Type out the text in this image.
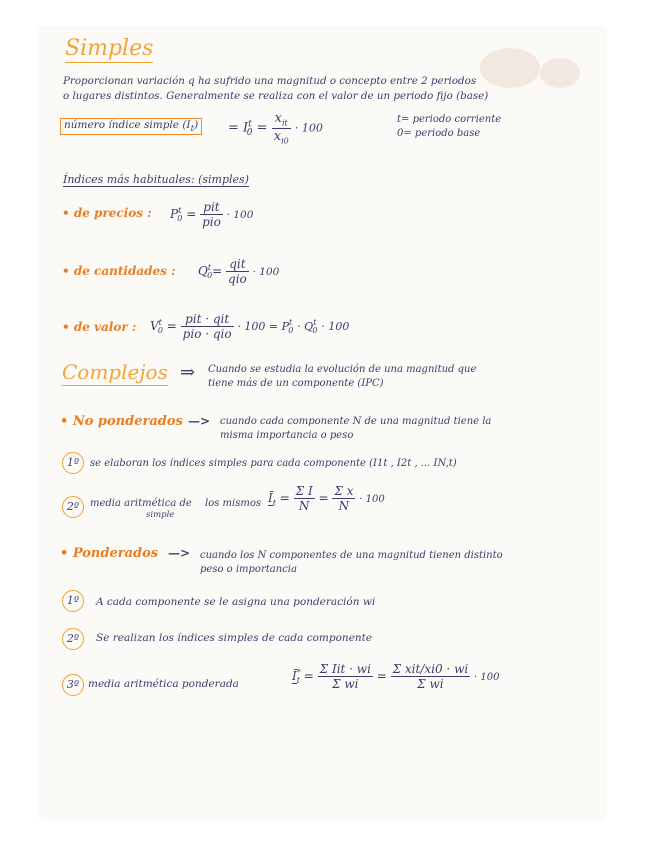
Simples
Proporcionan variación q ha sufrido una magnitud o concepto entre 2 periodos
o lugares distintos. Generalmente se realiza con el valor de un periodo fijo (base)
número índice simple $(I_t)$	= $I^t_0 = \frac{x_{it}}{x_{i0}} \cdot 100$
t= periodo corriente
0= periodo base
Índices más habituales: (simples)
• de precios : $P^t_0 = \frac{\text{pit}}{\text{pio}} \cdot 100$
• de cantidades : $Q^t_0= \frac{\text{qit}}{\text{qio}} \cdot 100$
• de valor : $V^t_0 = \frac{\text{pit · qit}}{\text{pio · qio}} \cdot 100 = P^t_0 \cdot Q^t_0 \cdot 100$
Complejos ⇒ Cuando se estudia la evolución de una magnitud que
tiene más de un componente (IPC)
• No ponderados —> cuando cada componente N de una magnitud tiene la
misma importancia o peso
1º	se elaboran los índices simples para cada componente (I1t , I2t , ... IN,t)
2º	media aritmética de
simple
los mismos $Ī_t = \frac{\text{Σ I}}{N} = \frac{\text{Σ x}}{N} \cdot 100$
• Ponderados —> cuando los N componentes de una magnitud tienen distinto
peso o importancia
1º	A cada componente se le asigna una ponderación wi
2º	Se realizan los índices simples de cada componente
3º media aritmética ponderada
$Ī^*_t = \frac{\text{Σ Iit · wi}}{\text{Σ wi}} = \frac{\text{Σ xit/xi0 · wi}}{\text{Σ wi}} \cdot 100$
